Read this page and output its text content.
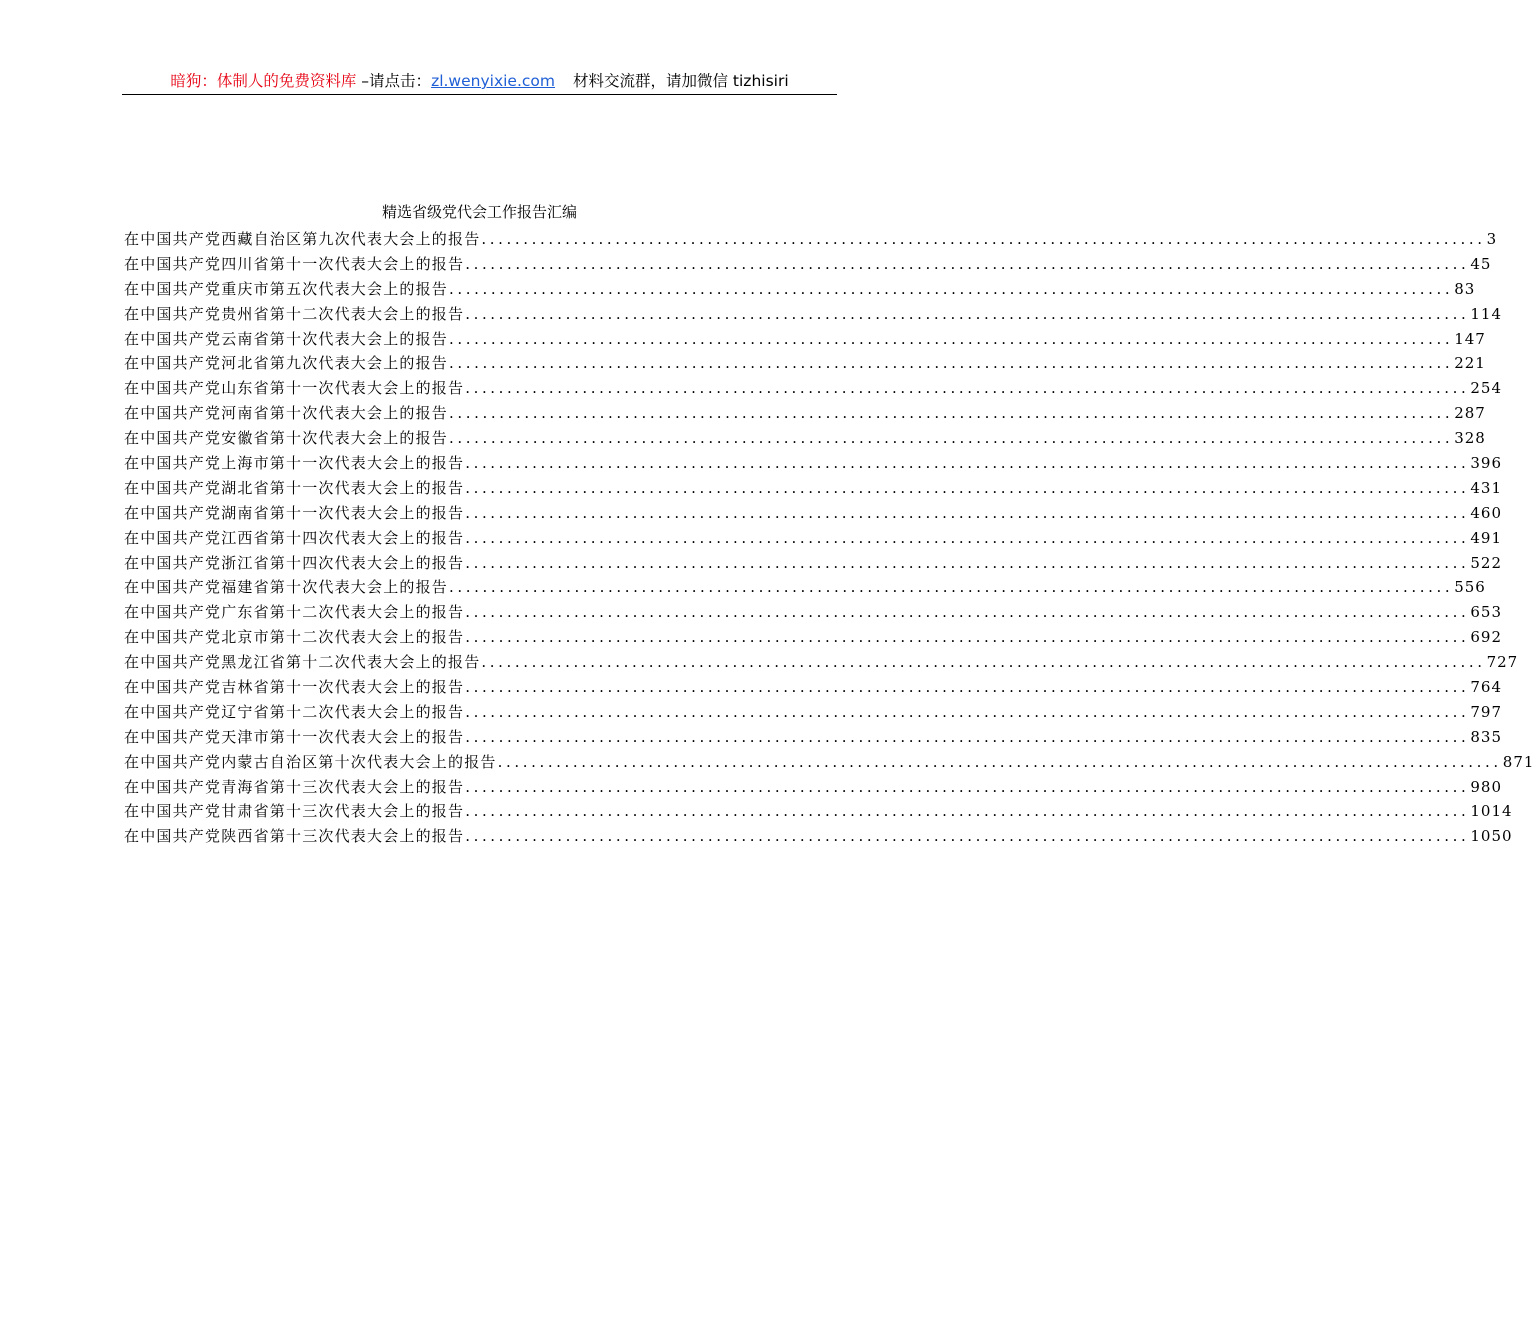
暗狗：体制人的免费资料库 –请点击：zl.wenyixie.com 材料交流群，请加微信 tizhisiri
精选省级党代会工作报告汇编
在中国共产党西藏自治区第九次代表大会上的报告 ........................................................................................................................ 3
在中国共产党四川省第十一次代表大会上的报告 ........................................................................................................................ 45
在中国共产党重庆市第五次代表大会上的报告 ........................................................................................................................ 83
在中国共产党贵州省第十二次代表大会上的报告 ........................................................................................................................ 114
在中国共产党云南省第十次代表大会上的报告 ........................................................................................................................ 147
在中国共产党河北省第九次代表大会上的报告 ........................................................................................................................ 221
在中国共产党山东省第十一次代表大会上的报告 ........................................................................................................................ 254
在中国共产党河南省第十次代表大会上的报告 ........................................................................................................................ 287
在中国共产党安徽省第十次代表大会上的报告 ........................................................................................................................ 328
在中国共产党上海市第十一次代表大会上的报告 ........................................................................................................................ 396
在中国共产党湖北省第十一次代表大会上的报告 ........................................................................................................................ 431
在中国共产党湖南省第十一次代表大会上的报告 ........................................................................................................................ 460
在中国共产党江西省第十四次代表大会上的报告 ........................................................................................................................ 491
在中国共产党浙江省第十四次代表大会上的报告 ........................................................................................................................ 522
在中国共产党福建省第十次代表大会上的报告 ........................................................................................................................ 556
在中国共产党广东省第十二次代表大会上的报告 ........................................................................................................................ 653
在中国共产党北京市第十二次代表大会上的报告 ........................................................................................................................ 692
在中国共产党黑龙江省第十二次代表大会上的报告 ........................................................................................................................ 727
在中国共产党吉林省第十一次代表大会上的报告 ........................................................................................................................ 764
在中国共产党辽宁省第十二次代表大会上的报告 ........................................................................................................................ 797
在中国共产党天津市第十一次代表大会上的报告 ........................................................................................................................ 835
在中国共产党内蒙古自治区第十次代表大会上的报告 ........................................................................................................................ 871
在中国共产党青海省第十三次代表大会上的报告 ........................................................................................................................ 980
在中国共产党甘肃省第十三次代表大会上的报告 ........................................................................................................................ 1014
在中国共产党陕西省第十三次代表大会上的报告 ........................................................................................................................ 1050
